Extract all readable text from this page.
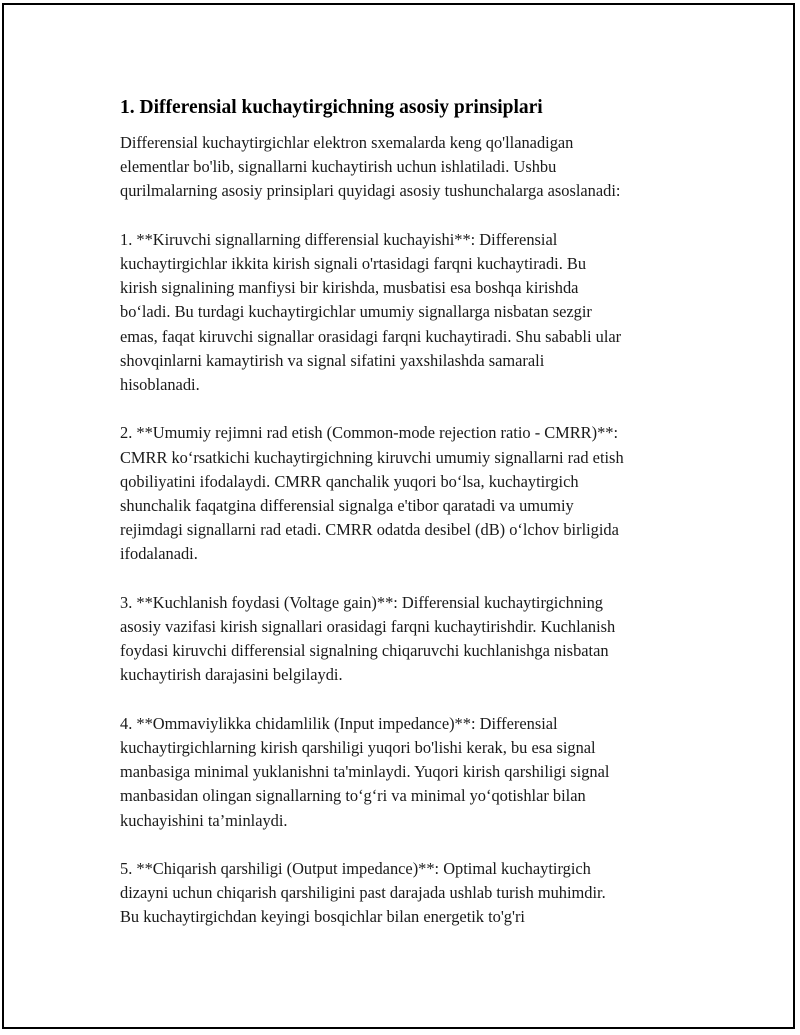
1. Differensial kuchaytirgichning asosiy prinsiplari
Differensial kuchaytirgichlar elektron sxemalarda keng qo'llanadigan
elementlar bo'lib, signallarni kuchaytirish uchun ishlatiladi. Ushbu
qurilmalarning asosiy prinsiplari quyidagi asosiy tushunchalarga asoslanadi:
1. **Kiruvchi signallarning differensial kuchayishi**: Differensial
kuchaytirgichlar ikkita kirish signali o'rtasidagi farqni kuchaytiradi. Bu
kirish signalining manfiysi bir kirishda, musbatisi esa boshqa kirishda
bo‘ladi. Bu turdagi kuchaytirgichlar umumiy signallarga nisbatan sezgir
emas, faqat kiruvchi signallar orasidagi farqni kuchaytiradi. Shu sababli ular
shovqinlarni kamaytirish va signal sifatini yaxshilashda samarali
hisoblanadi.
2. **Umumiy rejimni rad etish (Common-mode rejection ratio - CMRR)**:
CMRR ko‘rsatkichi kuchaytirgichning kiruvchi umumiy signallarni rad etish
qobiliyatini ifodalaydi. CMRR qanchalik yuqori bo‘lsa, kuchaytirgich
shunchalik faqatgina differensial signalga e'tibor qaratadi va umumiy
rejimdagi signallarni rad etadi. CMRR odatda desibel (dB) o‘lchov birligida
ifodalanadi.
3. **Kuchlanish foydasi (Voltage gain)**: Differensial kuchaytirgichning
asosiy vazifasi kirish signallari orasidagi farqni kuchaytirishdir. Kuchlanish
foydasi kiruvchi differensial signalning chiqaruvchi kuchlanishga nisbatan
kuchaytirish darajasini belgilaydi.
4. **Ommaviylikka chidamlilik (Input impedance)**: Differensial
kuchaytirgichlarning kirish qarshiligi yuqori bo'lishi kerak, bu esa signal
manbasiga minimal yuklanishni ta'minlaydi. Yuqori kirish qarshiligi signal
manbasidan olingan signallarning to‘g‘ri va minimal yo‘qotishlar bilan
kuchayishini ta’minlaydi.
5. **Chiqarish qarshiligi (Output impedance)**: Optimal kuchaytirgich
dizayni uchun chiqarish qarshiligini past darajada ushlab turish muhimdir.
Bu kuchaytirgichdan keyingi bosqichlar bilan energetik to'g'ri
